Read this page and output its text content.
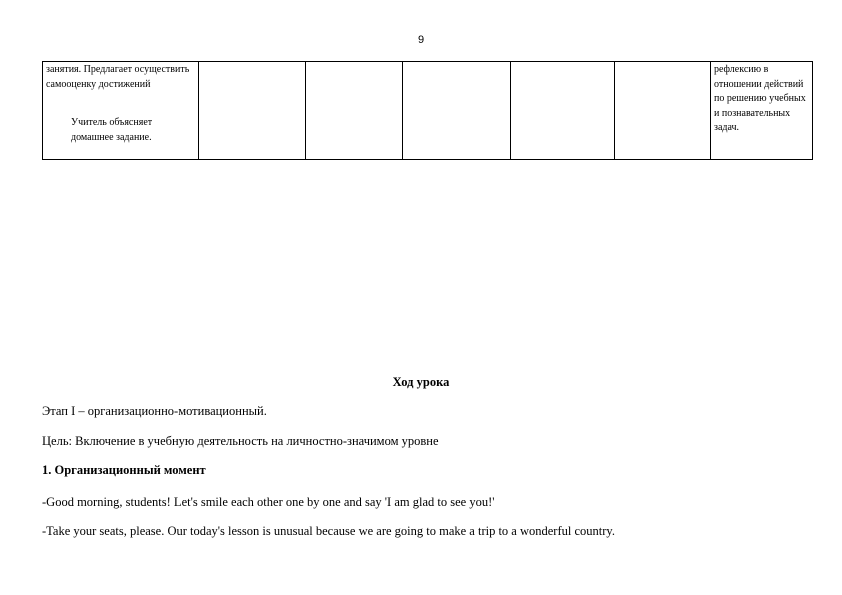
9
занятия. Предлагает осуществить самооценку достижений
Учитель объясняет домашнее задание.
						рефлексию в отношении действий по решению учебных и познавательных задач.
Ход урока
Этап I – организационно-мотивационный.
Цель: Включение в учебную деятельность на личностно-значимом уровне
1. Организационный момент
-Good morning, students! Let's smile each other one by one and say 'I am glad to see you!'
-Take your seats, please. Our today's lesson is unusual because we are going to make a trip to a wonderful country.
